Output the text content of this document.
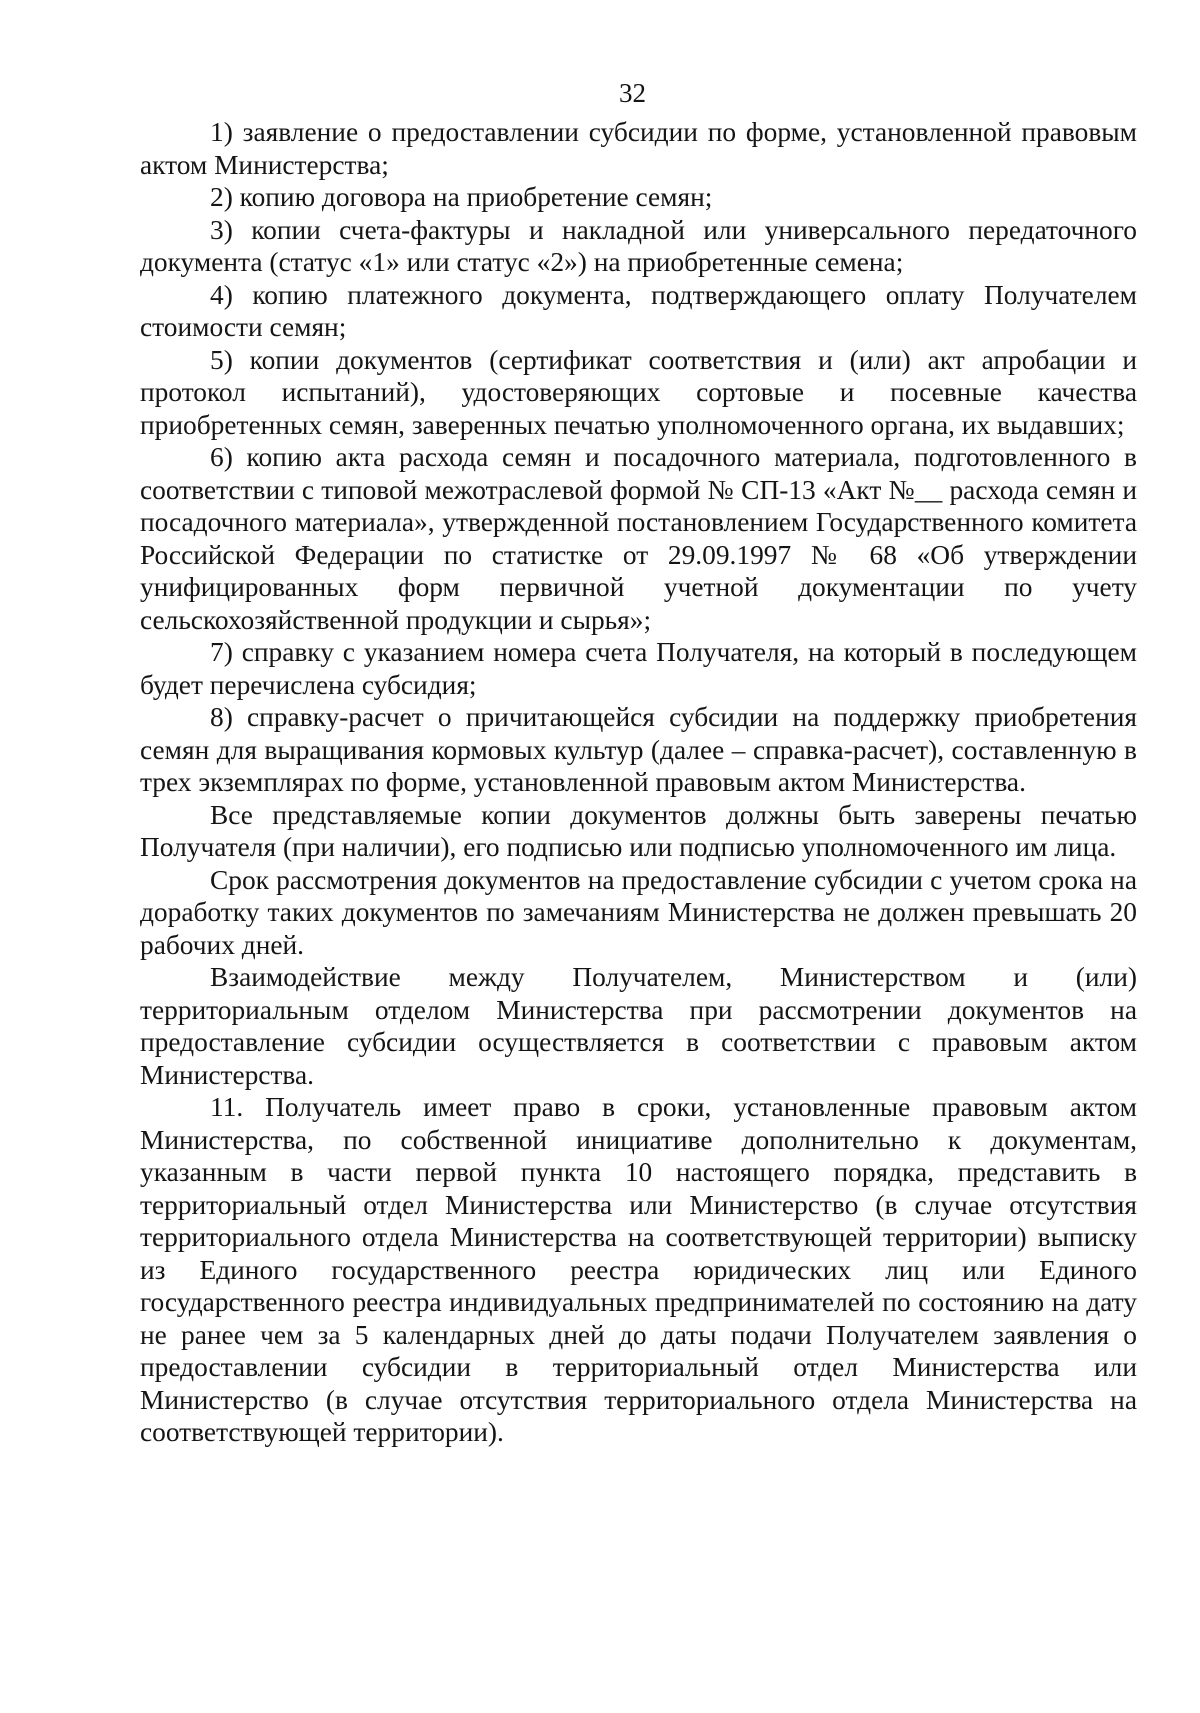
32

1) заявление о предоставлении субсидии по форме, установленной правовым актом Министерства;

2) копию договора на приобретение семян;

3) копии счета-фактуры и накладной или универсального передаточного документа (статус «1» или статус «2») на приобретенные семена;

4) копию платежного документа, подтверждающего оплату Получателем стоимости семян;

5) копии документов (сертификат соответствия и (или) акт апробации и протокол испытаний), удостоверяющих сортовые и посевные качества приобретенных семян, заверенных печатью уполномоченного органа, их выдавших;

6) копию акта расхода семян и посадочного материала, подготовленного в соответствии с типовой межотраслевой формой № СП-13 «Акт №__ расхода семян и посадочного материала», утвержденной постановлением Государственного комитета Российской Федерации по статистке от 29.09.1997 № 68 «Об утверждении унифицированных форм первичной учетной документации по учету сельскохозяйственной продукции и сырья»;

7) справку с указанием номера счета Получателя, на который в последующем будет перечислена субсидия;

8) справку-расчет о причитающейся субсидии на поддержку приобретения семян для выращивания кормовых культур (далее – справка-расчет), составленную в трех экземплярах по форме, установленной правовым актом Министерства.

Все представляемые копии документов должны быть заверены печатью Получателя (при наличии), его подписью или подписью уполномоченного им лица.

Срок рассмотрения документов на предоставление субсидии с учетом срока на доработку таких документов по замечаниям Министерства не должен превышать 20 рабочих дней.

Взаимодействие между Получателем, Министерством и (или) территориальным отделом Министерства при рассмотрении документов на предоставление субсидии осуществляется в соответствии с правовым актом Министерства.

11. Получатель имеет право в сроки, установленные правовым актом Министерства, по собственной инициативе дополнительно к документам, указанным в части первой пункта 10 настоящего порядка, представить в территориальный отдел Министерства или Министерство (в случае отсутствия территориального отдела Министерства на соответствующей территории) выписку из Единого государственного реестра юридических лиц или Единого государственного реестра индивидуальных предпринимателей по состоянию на дату не ранее чем за 5 календарных дней до даты подачи Получателем заявления о предоставлении субсидии в территориальный отдел Министерства или Министерство (в случае отсутствия территориального отдела Министерства на соответствующей территории).
